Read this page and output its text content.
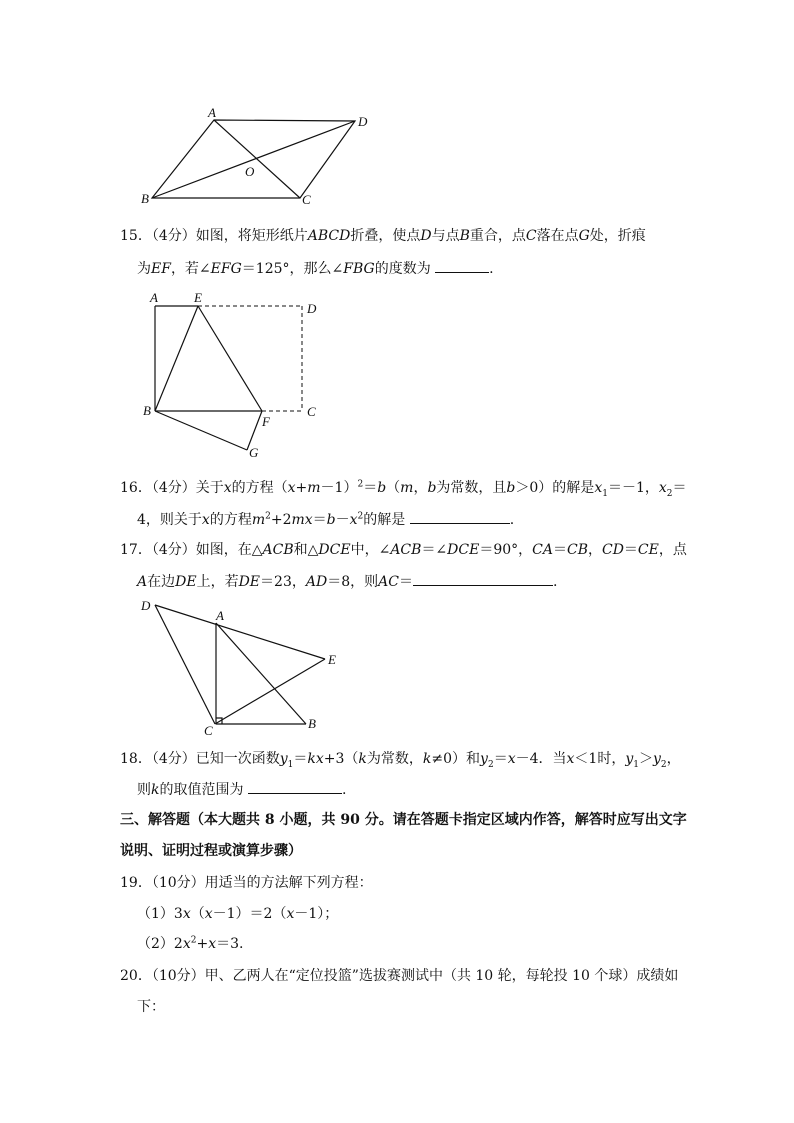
A
D
B	C
O
A	E
D
B
F
C
G
D
A
E
C	B
15．（4分）如图，将矩形纸片ABCD折叠，使点D与点B重合，点C落在点G处，折痕
为EF，若∠EFG＝125°，那么∠FBG的度数为	.
16．（4分）关于x的方程$(x+m-1)^2=b(m$，b为常数，且b＞0）的解是$x_1=-1$，$x_2=$
4，则关于x的方程$m^2+2mx=b-x^2$的解是	.
17．（4分）如图，在△ACB和△DCE中，∠ACB＝∠DCE＝90°，CA＝CB，CD＝CE，点
A在边DE上，若DE＝23，AD＝8，则AC＝	.
18．（4分）已知一次函数$y_1=kx+3(k$为常数，k≠0）和$y_2=x-4$．当x＜1时，$y_1>y_2$，
则k的取值范围为	.
三、解答题（本大题共 8 小题，共 90 分。请在答题卡指定区域内作答，解答时应写出文字
说明、证明过程或演算步骤）
19．（10分）用适当的方法解下列方程：
（1）3x（x－1）＝2（x－1）；
$(2)2x^2+x=3$.
20．（10分）甲、乙两人在“定位投篮”选拔赛测试中（共 10 轮，每轮投 10 个球）成绩如
下：
